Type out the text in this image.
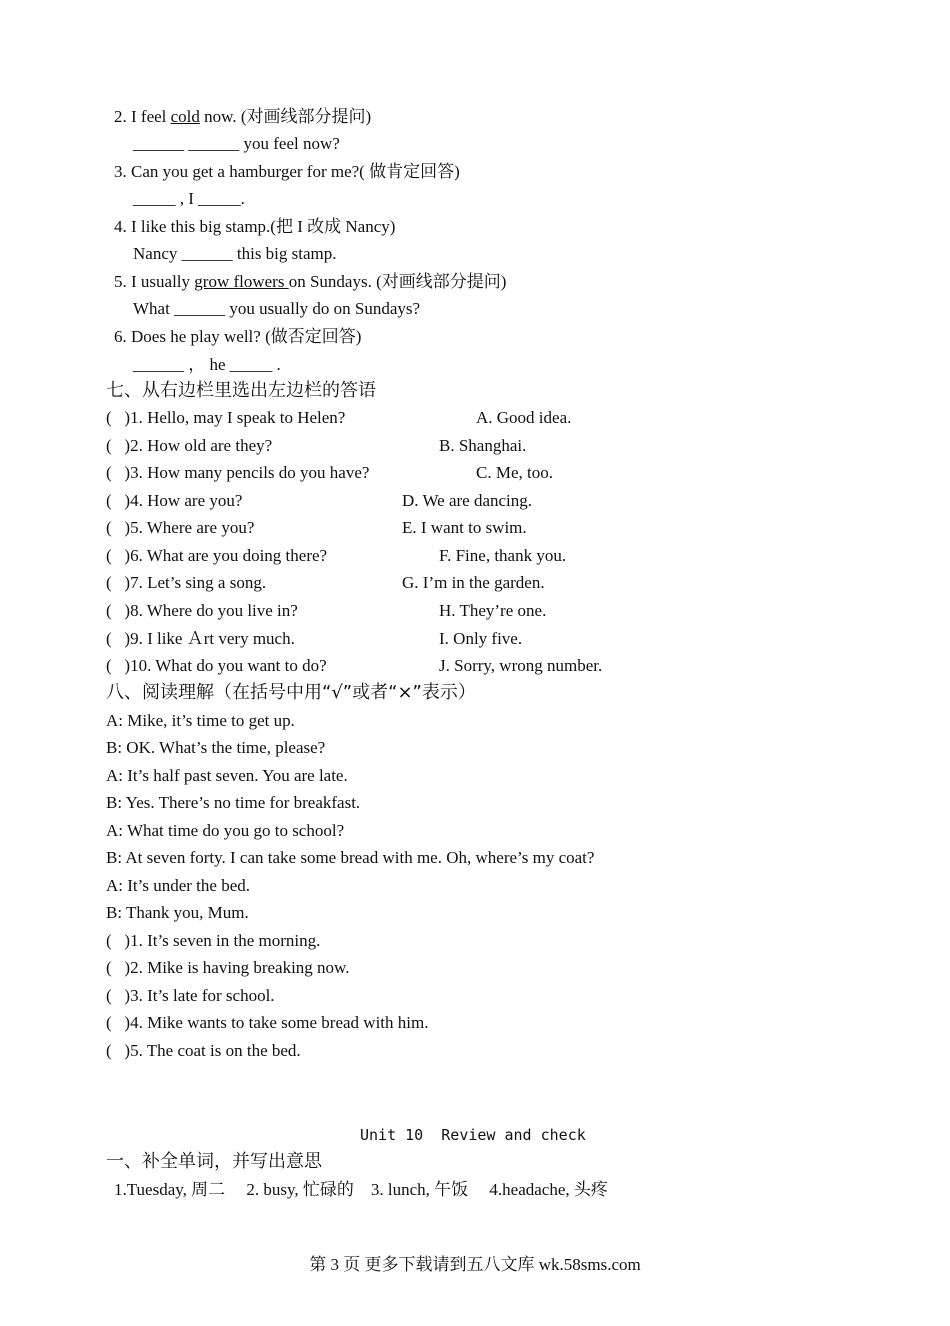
2. I feel cold now. (对画线部分提问)
______ ______ you feel now?
3. Can you get a hamburger for me?( 做肯定回答)
_____ , I _____.
4. I like this big stamp.(把 I 改成 Nancy)
Nancy ______ this big stamp.
5. I usually grow flowers on Sundays. (对画线部分提问)
What ______ you usually do on Sundays?
6. Does he play well? (做否定回答)
______ ， he _____ .
七、从右边栏里选出左边栏的答语
(   )1. Hello, may I speak to Helen?
(   )2. How old are they?
(   )3. How many pencils do you have?
(   )4. How are you?
(   )5. Where are you?
(   )6. What are you doing there?
(   )7. Let’s sing a song.
(   )8. Where do you live in?
(   )9. I like Ａrt very much.
(   )10. What do you want to do?
A. Good idea.
B. Shanghai.
C. Me, too.
D. We are dancing.
E. I want to swim.
F. Fine, thank you.
G. I’m in the garden.
H. They’re one.
I. Only five.
J. Sorry, wrong number.
八、阅读理解（在括号中用“√”或者“×”表示）
A: Mike, it’s time to get up.
B: OK. What’s the time, please?
A: It’s half past seven. You are late.
B: Yes. There’s no time for breakfast.
A: What time do you go to school?
B: At seven forty. I can take some bread with me. Oh, where’s my coat?
A: It’s under the bed.
B: Thank you, Mum.
(   )1. It’s seven in the morning.
(   )2. Mike is having breaking now.
(   )3. It’s late for school.
(   )4. Mike wants to take some bread with him.
(   )5. The coat is on the bed.
Unit 10  Review and check
一、补全单词，并写出意思
1.Tuesday, 周二     2. busy, 忙碌的    3. lunch, 午饭     4.headache, 头疼
第 3 页 更多下载请到五八文库 wk.58sms.com
